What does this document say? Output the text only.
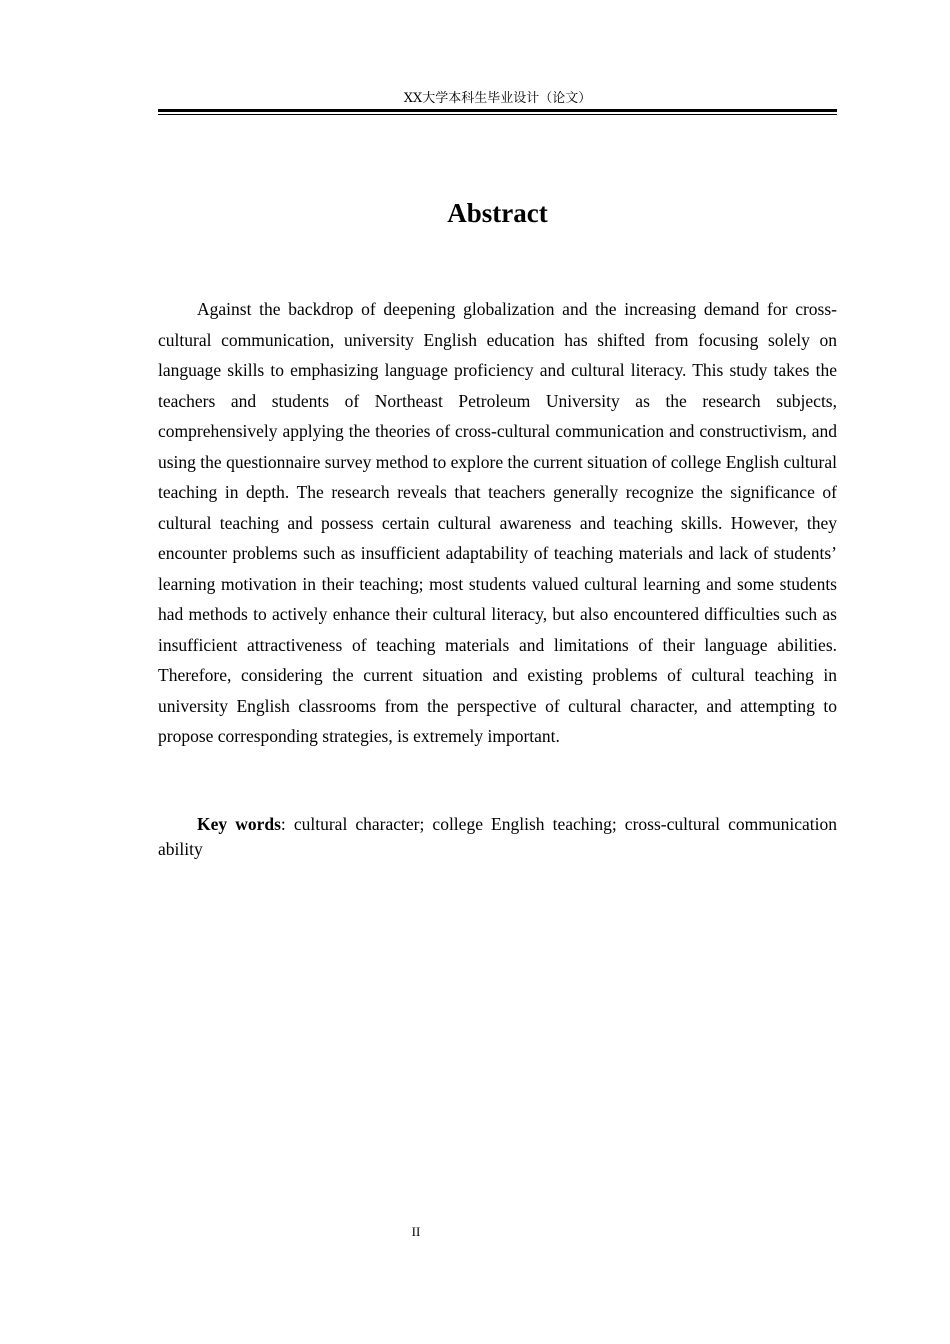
XX大学本科生毕业设计（论文）
Abstract

Against the backdrop of deepening globalization and the increasing demand for cross-cultural communication, university English education has shifted from focusing solely on language skills to emphasizing language proficiency and cultural literacy. This study takes the teachers and students of Northeast Petroleum University as the research subjects, comprehensively applying the theories of cross-cultural communication and constructivism, and using the questionnaire survey method to explore the current situation of college English cultural teaching in depth. The research reveals that teachers generally recognize the significance of cultural teaching and possess certain cultural awareness and teaching skills. However, they encounter problems such as insufficient adaptability of teaching materials and lack of students’ learning motivation in their teaching; most students valued cultural learning and some students had methods to actively enhance their cultural literacy, but also encountered difficulties such as insufficient attractiveness of teaching materials and limitations of their language abilities. Therefore, considering the current situation and existing problems of cultural teaching in university English classrooms from the perspective of cultural character, and attempting to propose corresponding strategies, is extremely important.

Key words: cultural character; college English teaching; cross-cultural communication ability

II
